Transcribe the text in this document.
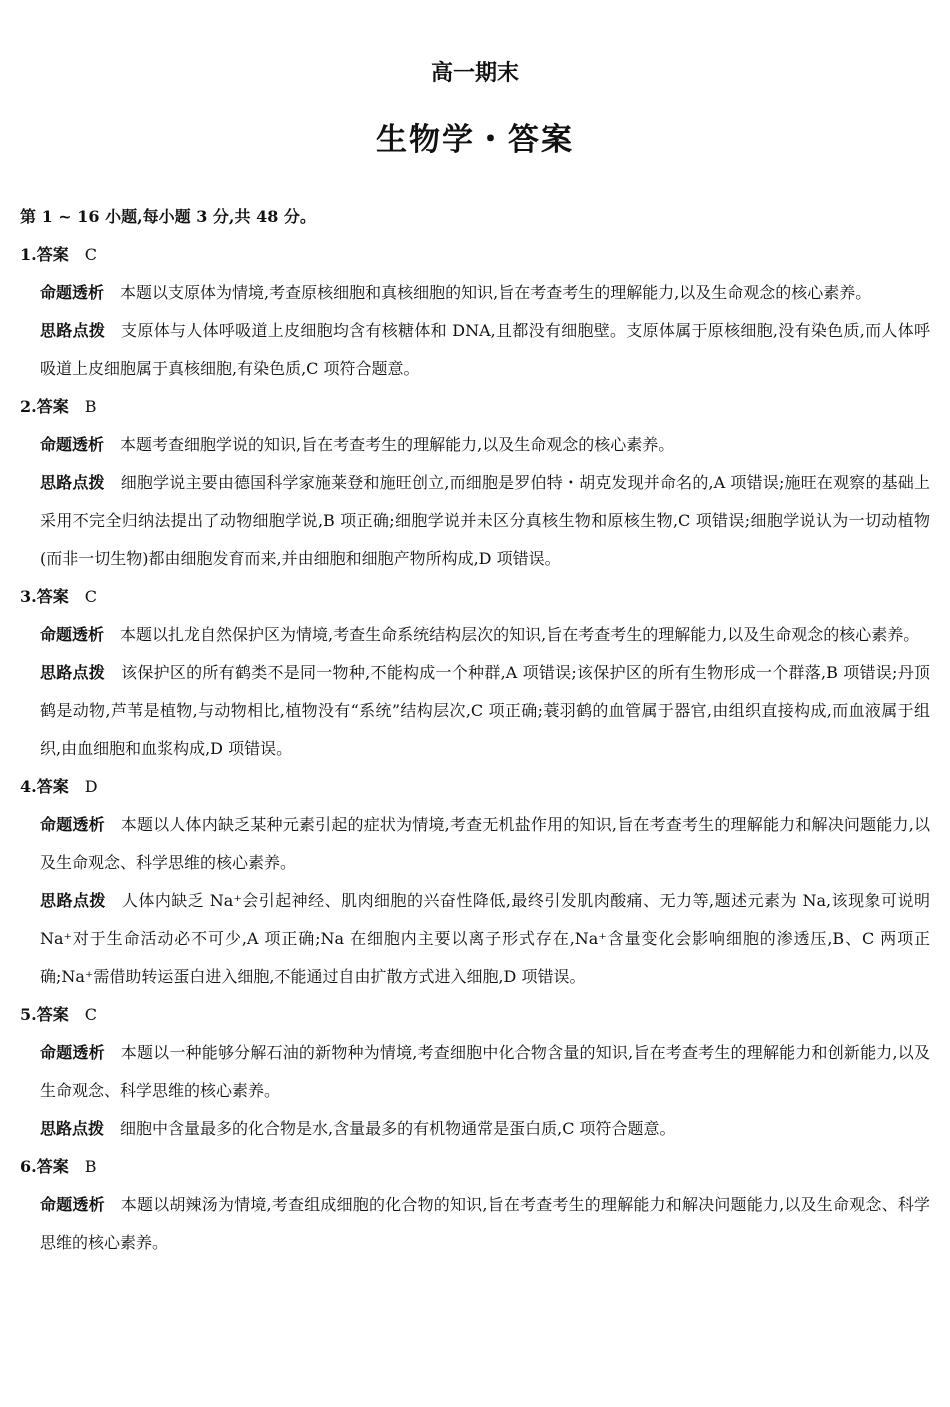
高一期末
生物学・答案
第 1 ~ 16 小题,每小题 3 分,共 48 分。
1.答案 C
命题透析 本题以支原体为情境,考查原核细胞和真核细胞的知识,旨在考查考生的理解能力,以及生命观念的核心素养。
思路点拨 支原体与人体呼吸道上皮细胞均含有核糖体和 DNA,且都没有细胞壁。支原体属于原核细胞,没有染色质,而人体呼吸道上皮细胞属于真核细胞,有染色质,C 项符合题意。
2.答案 B
命题透析 本题考查细胞学说的知识,旨在考查考生的理解能力,以及生命观念的核心素养。
思路点拨 细胞学说主要由德国科学家施莱登和施旺创立,而细胞是罗伯特・胡克发现并命名的,A 项错误;施旺在观察的基础上采用不完全归纳法提出了动物细胞学说,B 项正确;细胞学说并未区分真核生物和原核生物,C 项错误;细胞学说认为一切动植物(而非一切生物)都由细胞发育而来,并由细胞和细胞产物所构成,D 项错误。
3.答案 C
命题透析 本题以扎龙自然保护区为情境,考查生命系统结构层次的知识,旨在考查考生的理解能力,以及生命观念的核心素养。
思路点拨 该保护区的所有鹤类不是同一物种,不能构成一个种群,A 项错误;该保护区的所有生物形成一个群落,B 项错误;丹顶鹤是动物,芦苇是植物,与动物相比,植物没有“系统”结构层次,C 项正确;蓑羽鹤的血管属于器官,由组织直接构成,而血液属于组织,由血细胞和血浆构成,D 项错误。
4.答案 D
命题透析 本题以人体内缺乏某种元素引起的症状为情境,考查无机盐作用的知识,旨在考查考生的理解能力和解决问题能力,以及生命观念、科学思维的核心素养。
思路点拨 人体内缺乏 Na⁺会引起神经、肌肉细胞的兴奋性降低,最终引发肌肉酸痛、无力等,题述元素为 Na,该现象可说明 Na⁺对于生命活动必不可少,A 项正确;Na 在细胞内主要以离子形式存在,Na⁺含量变化会影响细胞的渗透压,B、C 两项正确;Na⁺需借助转运蛋白进入细胞,不能通过自由扩散方式进入细胞,D 项错误。
5.答案 C
命题透析 本题以一种能够分解石油的新物种为情境,考查细胞中化合物含量的知识,旨在考查考生的理解能力和创新能力,以及生命观念、科学思维的核心素养。
思路点拨 细胞中含量最多的化合物是水,含量最多的有机物通常是蛋白质,C 项符合题意。
6.答案 B
命题透析 本题以胡辣汤为情境,考查组成细胞的化合物的知识,旨在考查考生的理解能力和解决问题能力,以及生命观念、科学思维的核心素养。
